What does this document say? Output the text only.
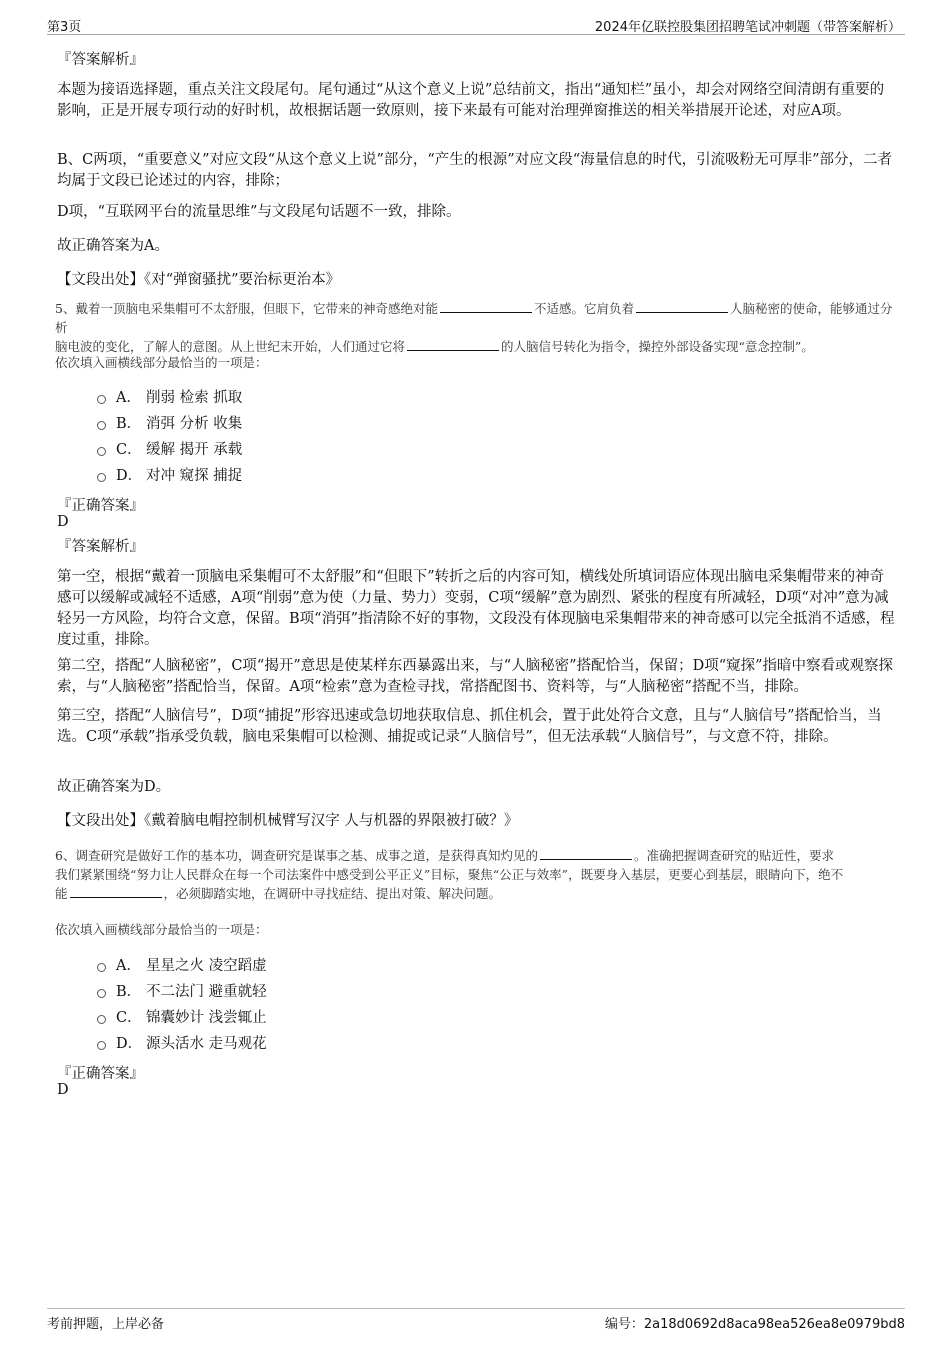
第3页	2024年亿联控股集团招聘笔试冲刺题（带答案解析）
『答案解析』
本题为接语选择题，重点关注文段尾句。尾句通过“从这个意义上说”总结前文，指出“通知栏”虽小，却会对网络空间清朗有重要的影响，正是开展专项行动的好时机，故根据话题一致原则，接下来最有可能对治理弹窗推送的相关举措展开论述，对应A项。
B、C两项，“重要意义”对应文段“从这个意义上说”部分，“产生的根源”对应文段“海量信息的时代，引流吸粉无可厚非”部分，二者均属于文段已论述过的内容，排除；
D项，“互联网平台的流量思维”与文段尾句话题不一致，排除。
故正确答案为A。
【文段出处】《对“弹窗骚扰”要治标更治本》
5、戴着一顶脑电采集帽可不太舒服，但眼下，它带来的神奇感绝对能	不适感。它肩负着	人脑秘密的使命，能够通过分析
脑电波的变化，了解人的意图。从上世纪末开始，人们通过它将	的人脑信号转化为指令，操控外部设备实现“意念控制”。
依次填入画横线部分最恰当的一项是：
A． 削弱 检索 抓取
B． 消弭 分析 收集
C． 缓解 揭开 承载
D． 对冲 窥探 捕捉
『正确答案』
D
『答案解析』
第一空，根据“戴着一顶脑电采集帽可不太舒服”和“但眼下”转折之后的内容可知，横线处所填词语应体现出脑电采集帽带来的神奇感可以缓解或减轻不适感，A项“削弱”意为使（力量、势力）变弱，C项“缓解”意为剧烈、紧张的程度有所减轻，D项“对冲”意为减轻另一方风险，均符合文意，保留。B项“消弭”指清除不好的事物，文段没有体现脑电采集帽带来的神奇感可以完全抵消不适感，程度过重，排除。
第二空，搭配“人脑秘密”，C项“揭开”意思是使某样东西暴露出来，与“人脑秘密”搭配恰当，保留；D项“窥探”指暗中察看或观察探索，与“人脑秘密”搭配恰当，保留。A项“检索”意为查检寻找，常搭配图书、资料等，与“人脑秘密”搭配不当，排除。
第三空，搭配“人脑信号”，D项“捕捉”形容迅速或急切地获取信息、抓住机会，置于此处符合文意，且与“人脑信号”搭配恰当，当选。C项“承载”指承受负载，脑电采集帽可以检测、捕捉或记录“人脑信号”，但无法承载“人脑信号”，与文意不符，排除。
故正确答案为D。
【文段出处】《戴着脑电帽控制机械臂写汉字 人与机器的界限被打破？》
6、调查研究是做好工作的基本功，调查研究是谋事之基、成事之道，是获得真知灼见的	。准确把握调查研究的贴近性，要求
我们紧紧围绕“努力让人民群众在每一个司法案件中感受到公平正义”目标，聚焦“公正与效率”，既要身入基层，更要心到基层，眼睛向下，绝不
能	，必须脚踏实地，在调研中寻找症结、提出对策、解决问题。
依次填入画横线部分最恰当的一项是：
A． 星星之火 凌空蹈虚
B． 不二法门 避重就轻
C． 锦囊妙计 浅尝辄止
D． 源头活水 走马观花
『正确答案』
D
考前押题，上岸必备	编号：2a18d0692d8aca98ea526ea8e0979bd8
